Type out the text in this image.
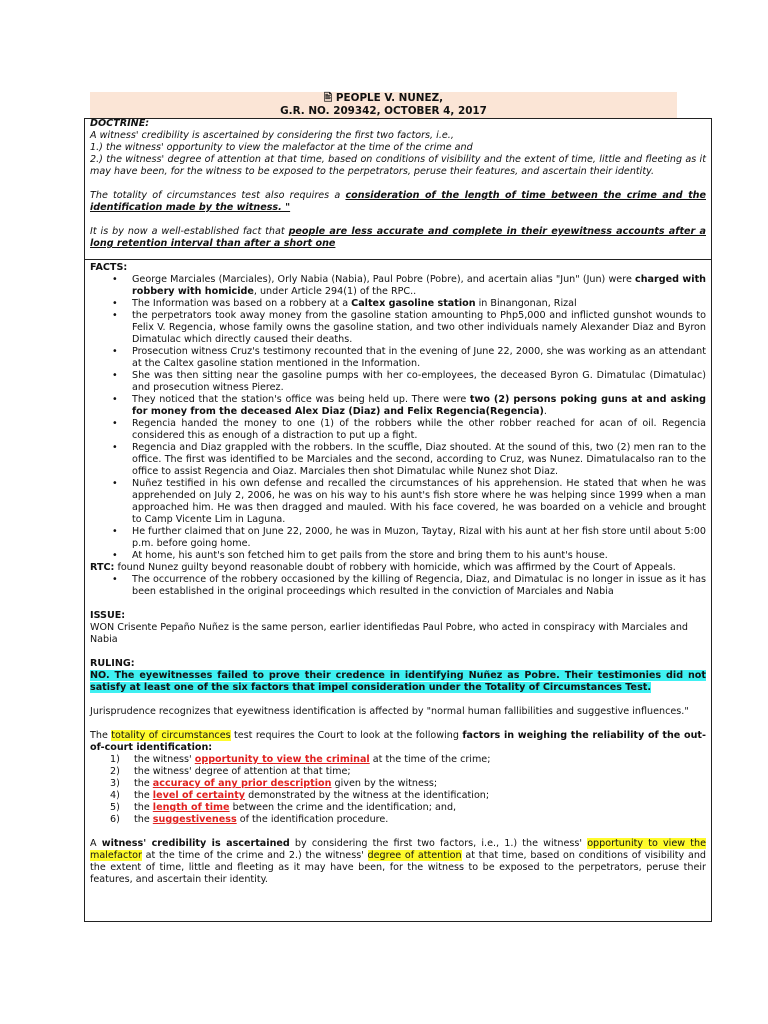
🖹 PEOPLE V. NUNEZ,
G.R. NO. 209342, OCTOBER 4, 2017

DOCTRINE:

A witness' credibility is ascertained by considering the first two factors, i.e.,

1.) the witness' opportunity to view the malefactor at the time of the crime and

2.) the witness' degree of attention at that time, based on conditions of visibility and the extent of time, little and fleeting as it may have been, for the witness to be exposed to the perpetrators, peruse their features, and ascertain their identity.

The totality of circumstances test also requires a consideration of the length of time between the crime and the identification made by the witness. "

It is by now a well-established fact that people are less accurate and complete in their eyewitness accounts after a long retention interval than after a short one

FACTS:

• George Marciales (Marciales), Orly Nabia (Nabia), Paul Pobre (Pobre), and acertain alias "Jun" (Jun) were charged with robbery with homicide, under Article 294(1) of the RPC..
• The Information was based on a robbery at a Caltex gasoline station in Binangonan, Rizal
• the perpetrators took away money from the gasoline station amounting to Php5,000 and inflicted gunshot wounds to Felix V. Regencia, whose family owns the gasoline station, and two other individuals namely Alexander Diaz and Byron Dimatulac which directly caused their deaths.
• Prosecution witness Cruz's testimony recounted that in the evening of June 22, 2000, she was working as an attendant at the Caltex gasoline station mentioned in the Information.
• She was then sitting near the gasoline pumps with her co-employees, the deceased Byron G. Dimatulac (Dimatulac) and prosecution witness Pierez.
• They noticed that the station's office was being held up. There were two (2) persons poking guns at and asking for money from the deceased Alex Diaz (Diaz) and Felix Regencia(Regencia).
• Regencia handed the money to one (1) of the robbers while the other robber reached for acan of oil. Regencia considered this as enough of a distraction to put up a fight.
• Regencia and Diaz grappled with the robbers. In the scuffle, Diaz shouted. At the sound of this, two (2) men ran to the office. The first was identified to be Marciales and the second, according to Cruz, was Nunez. Dimatulacalso ran to the office to assist Regencia and Oiaz. Marciales then shot Dimatulac while Nunez shot Diaz.
• Nuñez testified in his own defense and recalled the circumstances of his apprehension. He stated that when he was apprehended on July 2, 2006, he was on his way to his aunt's fish store where he was helping since 1999 when a man approached him. He was then dragged and mauled. With his face covered, he was boarded on a vehicle and brought to Camp Vicente Lim in Laguna.
• He further claimed that on June 22, 2000, he was in Muzon, Taytay, Rizal with his aunt at her fish store until about 5:00 p.m. before going home.
• At home, his aunt's son fetched him to get pails from the store and bring them to his aunt's house.

RTC: found Nunez guilty beyond reasonable doubt of robbery with homicide, which was affirmed by the Court of Appeals.

• The occurrence of the robbery occasioned by the killing of Regencia, Diaz, and Dimatulac is no longer in issue as it has been established in the original proceedings which resulted in the conviction of Marciales and Nabia

ISSUE:

WON Crisente Pepaño Nuñez is the same person, earlier identifiedas Paul Pobre, who acted in conspiracy with Marciales and Nabia

RULING:

NO. The eyewitnesses failed to prove their credence in identifying Nuñez as Pobre. Their testimonies did not satisfy at least one of the six factors that impel consideration under the Totality of Circumstances Test.

Jurisprudence recognizes that eyewitness identification is affected by "normal human fallibilities and suggestive influences."

The totality of circumstances test requires the Court to look at the following factors in weighing the reliability of the out-of-court identification:

1) the witness' opportunity to view the criminal at the time of the crime;
2) the witness' degree of attention at that time;
3) the accuracy of any prior description given by the witness;
4) the level of certainty demonstrated by the witness at the identification;
5) the length of time between the crime and the identification; and,
6) the suggestiveness of the identification procedure.

A witness' credibility is ascertained by considering the first two factors, i.e., 1.) the witness' opportunity to view the malefactor at the time of the crime and 2.) the witness' degree of attention at that time, based on conditions of visibility and the extent of time, little and fleeting as it may have been, for the witness to be exposed to the perpetrators, peruse their features, and ascertain their identity.
